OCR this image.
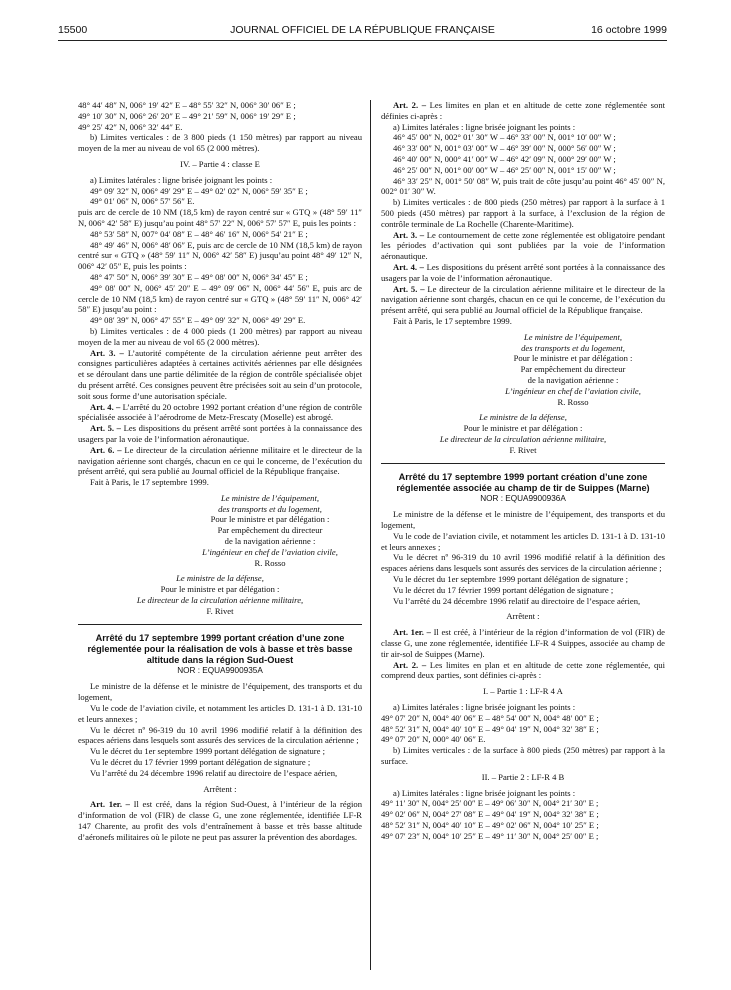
15500	JOURNAL OFFICIEL DE LA RÉPUBLIQUE FRANÇAISE	16 octobre 1999

48° 44′ 48″ N, 006° 19′ 42″ E – 48° 55′ 32″ N, 006° 30′ 06″ E ;

49° 10′ 30″ N, 006° 26′ 20″ E – 49° 21′ 59″ N, 006° 19′ 29″ E ;

49° 25′ 42″ N, 006° 32′ 44″ E.

b) Limites verticales : de 3 800 pieds (1 150 mètres) par rapport au niveau moyen de la mer au niveau de vol 65 (2 000 mètres).

IV. – Partie 4 : classe E

a) Limites latérales : ligne brisée joignant les points :

49° 09′ 32″ N, 006° 49′ 29″ E – 49° 02′ 02″ N, 006° 59′ 35″ E ;

49° 01′ 06″ N, 006° 57′ 56″ E.

puis arc de cercle de 10 NM (18,5 km) de rayon centré sur « GTQ » (48° 59′ 11″ N, 006° 42′ 58″ E) jusqu’au point 48° 57′ 22″ N, 006° 57′ 57″ E, puis les points :

48° 53′ 58″ N, 007° 04′ 08″ E – 48° 46′ 16″ N, 006° 54′ 21″ E ;

48° 49′ 46″ N, 006° 48′ 06″ E, puis arc de cercle de 10 NM (18,5 km) de rayon centré sur « GTQ » (48° 59′ 11″ N, 006° 42′ 58″ E) jusqu’au point 48° 49′ 12″ N, 006° 42′ 05″ E, puis les points :

48° 47′ 50″ N, 006° 39′ 30″ E – 49° 08′ 00″ N, 006° 34′ 45″ E ;

49° 08′ 00″ N, 006° 45′ 20″ E – 49° 09′ 06″ N, 006° 44′ 56″ E, puis arc de cercle de 10 NM (18,5 km) de rayon centré sur « GTQ » (48° 59′ 11″ N, 006° 42′ 58″ E) jusqu’au point :

49° 08′ 39″ N, 006° 47′ 55″ E – 49° 09′ 32″ N, 006° 49′ 29″ E.

b) Limites verticales : de 4 000 pieds (1 200 mètres) par rapport au niveau moyen de la mer au niveau de vol 65 (2 000 mètres).

Art. 3. – L’autorité compétente de la circulation aérienne peut arrêter des consignes particulières adaptées à certaines activités aériennes par elle désignées et se déroulant dans une partie délimitée de la région de contrôle spécialisée objet du présent arrêté. Ces consignes peuvent être précisées soit au sein d’un protocole, soit sous forme d’une autorisation spéciale.

Art. 4. – L’arrêté du 20 octobre 1992 portant création d’une région de contrôle spécialisée associée à l’aérodrome de Metz-Frescaty (Moselle) est abrogé.

Art. 5. – Les dispositions du présent arrêté sont portées à la connaissance des usagers par la voie de l’information aéronautique.

Art. 6. – Le directeur de la circulation aérienne militaire et le directeur de la navigation aérienne sont chargés, chacun en ce qui le concerne, de l’exécution du présent arrêté, qui sera publié au Journal officiel de la République française.

Fait à Paris, le 17 septembre 1999.

Le ministre de l’équipement,

des transports et du logement,

Pour le ministre et par délégation :

Par empêchement du directeur

de la navigation aérienne :

L’ingénieur en chef de l’aviation civile,

R. Rosso

Le ministre de la défense,

Pour le ministre et par délégation :

Le directeur de la circulation aérienne militaire,

F. Rivet

Arrêté du 17 septembre 1999 portant création d’une zone réglementée pour la réalisation de vols à basse et très basse altitude dans la région Sud-Ouest

NOR : EQUA9900935A

Le ministre de la défense et le ministre de l’équipement, des transports et du logement,

Vu le code de l’aviation civile, et notamment les articles D. 131-1 à D. 131-10 et leurs annexes ;

Vu le décret nº 96-319 du 10 avril 1996 modifié relatif à la définition des espaces aériens dans lesquels sont assurés des services de la circulation aérienne ;

Vu le décret du 1er septembre 1999 portant délégation de signature ;

Vu le décret du 17 février 1999 portant délégation de signature ;

Vu l’arrêté du 24 décembre 1996 relatif au directoire de l’espace aérien,

Arrêtent :

Art. 1er. – Il est créé, dans la région Sud-Ouest, à l’intérieur de la région d’information de vol (FIR) de classe G, une zone réglementée, identifiée LF-R 147 Charente, au profit des vols d’entraînement à basse et très basse altitude d’aéronefs militaires où le pilote ne peut pas assurer la prévention des abordages.

Art. 2. – Les limites en plan et en altitude de cette zone réglementée sont définies ci-après :

a) Limites latérales : ligne brisée joignant les points :

46° 45′ 00″ N, 002° 01′ 30″ W – 46° 33′ 00″ N, 001° 10′ 00″ W ;

46° 33′ 00″ N, 001° 03′ 00″ W – 46° 39′ 00″ N, 000° 56′ 00″ W ;

46° 40′ 00″ N, 000° 41′ 00″ W – 46° 42′ 09″ N, 000° 29′ 00″ W ;

46° 25′ 00″ N, 001° 00′ 00″ W – 46° 25′ 00″ N, 001° 15′ 00″ W ;

46° 33′ 25″ N, 001° 50′ 08″ W, puis trait de côte jusqu’au point 46° 45′ 00″ N, 002° 01′ 30″ W.

b) Limites verticales : de 800 pieds (250 mètres) par rapport à la surface à 1 500 pieds (450 mètres) par rapport à la surface, à l’exclusion de la région de contrôle terminale de La Rochelle (Charente-Maritime).

Art. 3. – Le contournement de cette zone réglementée est obligatoire pendant les périodes d’activation qui sont publiées par la voie de l’information aéronautique.

Art. 4. – Les dispositions du présent arrêté sont portées à la connaissance des usagers par la voie de l’information aéronautique.

Art. 5. – Le directeur de la circulation aérienne militaire et le directeur de la navigation aérienne sont chargés, chacun en ce qui le concerne, de l’exécution du présent arrêté, qui sera publié au Journal officiel de la République française.

Fait à Paris, le 17 septembre 1999.

Le ministre de l’équipement,

des transports et du logement,

Pour le ministre et par délégation :

Par empêchement du directeur

de la navigation aérienne :

L’ingénieur en chef de l’aviation civile,

R. Rosso

Le ministre de la défense,

Pour le ministre et par délégation :

Le directeur de la circulation aérienne militaire,

F. Rivet

Arrêté du 17 septembre 1999 portant création d’une zone réglementée associée au champ de tir de Suippes (Marne)

NOR : EQUA9900936A

Le ministre de la défense et le ministre de l’équipement, des transports et du logement,

Vu le code de l’aviation civile, et notamment les articles D. 131-1 à D. 131-10 et leurs annexes ;

Vu le décret nº 96-319 du 10 avril 1996 modifié relatif à la définition des espaces aériens dans lesquels sont assurés des services de la circulation aérienne ;

Vu le décret du 1er septembre 1999 portant délégation de signature ;

Vu le décret du 17 février 1999 portant délégation de signature ;

Vu l’arrêté du 24 décembre 1996 relatif au directoire de l’espace aérien,

Arrêtent :

Art. 1er. – Il est créé, à l’intérieur de la région d’information de vol (FIR) de classe G, une zone réglementée, identifiée LF-R 4 Suippes, associée au champ de tir air-sol de Suippes (Marne).

Art. 2. – Les limites en plan et en altitude de cette zone réglementée, qui comprend deux parties, sont définies ci-après :

I. – Partie 1 : LF-R 4 A

a) Limites latérales : ligne brisée joignant les points :

49° 07′ 20″ N, 004° 40′ 06″ E – 48° 54′ 00″ N, 004° 48′ 00″ E ;

48° 52′ 31″ N, 004° 40′ 10″ E – 49° 04′ 19″ N, 004° 32′ 38″ E ;

49° 07′ 20″ N, 000° 40′ 06″ E.

b) Limites verticales : de la surface à 800 pieds (250 mètres) par rapport à la surface.

II. – Partie 2 : LF-R 4 B

a) Limites latérales : ligne brisée joignant les points :

49° 11′ 30″ N, 004° 25′ 00″ E – 49° 06′ 30″ N, 004° 21′ 30″ E ;

49° 02′ 06″ N, 004° 27′ 08″ E – 49° 04′ 19″ N, 004° 32′ 38″ E ;

48° 52′ 31″ N, 004° 40′ 10″ E – 49° 02′ 06″ N, 004° 10′ 25″ E ;

49° 07′ 23″ N, 004° 10′ 25″ E – 49° 11′ 30″ N, 004° 25′ 00″ E ;
